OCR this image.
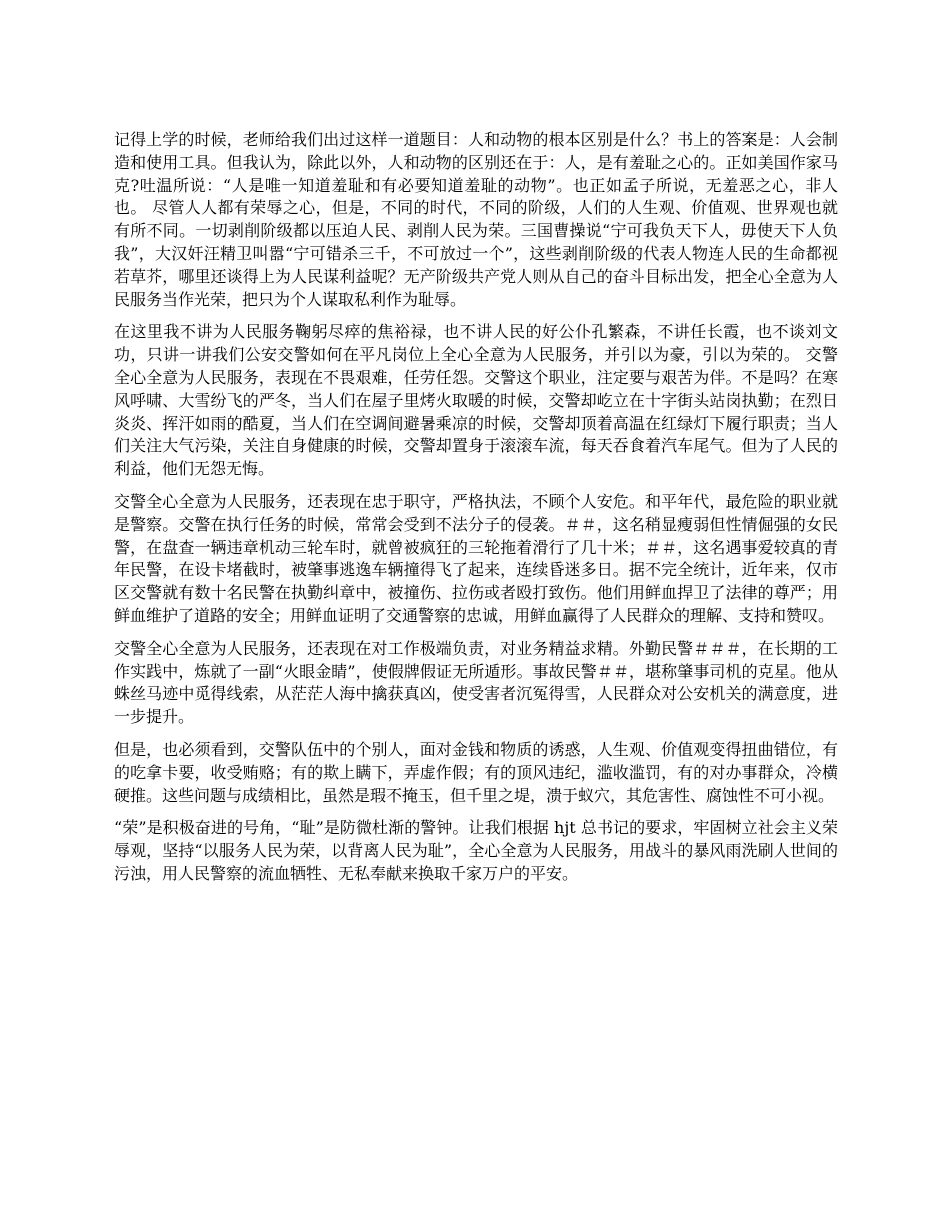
记得上学的时候，老师给我们出过这样一道题目：人和动物的根本区别是什么？书上的答案是：人会制造和使用工具。但我认为，除此以外，人和动物的区别还在于：人，是有羞耻之心的。正如美国作家马克?吐温所说：“人是唯一知道羞耻和有必要知道羞耻的动物”。也正如孟子所说，无羞恶之心，非人也。 尽管人人都有荣辱之心，但是，不同的时代，不同的阶级，人们的人生观、价值观、世界观也就有所不同。一切剥削阶级都以压迫人民、剥削人民为荣。三国曹操说“宁可我负天下人，毋使天下人负我”，大汉奸汪精卫叫嚣“宁可错杀三千，不可放过一个”，这些剥削阶级的代表人物连人民的生命都视若草芥，哪里还谈得上为人民谋利益呢？无产阶级共产党人则从自己的奋斗目标出发，把全心全意为人民服务当作光荣，把只为个人谋取私利作为耻辱。

在这里我不讲为人民服务鞠躬尽瘁的焦裕禄，也不讲人民的好公仆孔繁森，不讲任长霞，也不谈刘文功，只讲一讲我们公安交警如何在平凡岗位上全心全意为人民服务，并引以为豪，引以为荣的。 交警全心全意为人民服务，表现在不畏艰难，任劳任怨。交警这个职业，注定要与艰苦为伴。不是吗？在寒风呼啸、大雪纷飞的严冬，当人们在屋子里烤火取暖的时候，交警却屹立在十字街头站岗执勤；在烈日炎炎、挥汗如雨的酷夏，当人们在空调间避暑乘凉的时候，交警却顶着高温在红绿灯下履行职责；当人们关注大气污染，关注自身健康的时候，交警却置身于滚滚车流，每天吞食着汽车尾气。但为了人民的利益，他们无怨无悔。

交警全心全意为人民服务，还表现在忠于职守，严格执法，不顾个人安危。和平年代，最危险的职业就是警察。交警在执行任务的时候，常常会受到不法分子的侵袭。＃＃，这名稍显瘦弱但性情倔强的女民警，在盘查一辆违章机动三轮车时，就曾被疯狂的三轮拖着滑行了几十米；＃＃，这名遇事爱较真的青年民警，在设卡堵截时，被肇事逃逸车辆撞得飞了起来，连续昏迷多日。据不完全统计，近年来，仅市区交警就有数十名民警在执勤纠章中，被撞伤、拉伤或者殴打致伤。他们用鲜血捍卫了法律的尊严；用鲜血维护了道路的安全；用鲜血证明了交通警察的忠诚，用鲜血赢得了人民群众的理解、支持和赞叹。

交警全心全意为人民服务，还表现在对工作极端负责，对业务精益求精。外勤民警＃＃＃，在长期的工作实践中，炼就了一副“火眼金睛”，使假牌假证无所遁形。事故民警＃＃，堪称肇事司机的克星。他从蛛丝马迹中觅得线索，从茫茫人海中擒获真凶，使受害者沉冤得雪，人民群众对公安机关的满意度，进一步提升。

但是，也必须看到，交警队伍中的个别人，面对金钱和物质的诱惑，人生观、价值观变得扭曲错位，有的吃拿卡要，收受贿赂；有的欺上瞒下，弄虚作假；有的顶风违纪，滥收滥罚，有的对办事群众，冷横硬推。这些问题与成绩相比，虽然是瑕不掩玉，但千里之堤，溃于蚁穴，其危害性、腐蚀性不可小视。

“荣”是积极奋进的号角，“耻”是防微杜渐的警钟。让我们根据 hjt 总书记的要求，牢固树立社会主义荣辱观，坚持“以服务人民为荣，以背离人民为耻”，全心全意为人民服务，用战斗的暴风雨洗刷人世间的污浊，用人民警察的流血牺牲、无私奉献来换取千家万户的平安。
